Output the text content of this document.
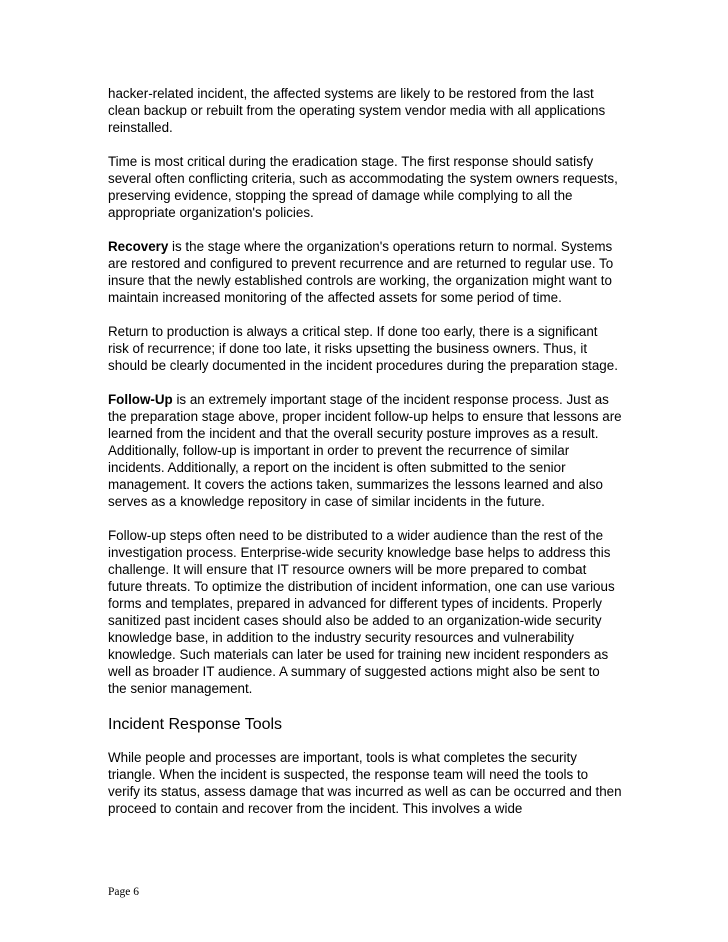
hacker-related incident, the affected systems are likely to be restored from the last clean backup or rebuilt from the operating system vendor media with all applications reinstalled.

Time is most critical during the eradication stage. The first response should satisfy several often conflicting criteria, such as accommodating the system owners requests, preserving evidence, stopping the spread of damage while complying to all the appropriate organization's policies.

Recovery is the stage where the organization's operations return to normal. Systems are restored and configured to prevent recurrence and are returned to regular use. To insure that the newly established controls are working, the organization might want to maintain increased monitoring of the affected assets for some period of time.

Return to production is always a critical step. If done too early, there is a significant risk of recurrence; if done too late, it risks upsetting the business owners. Thus, it should be clearly documented in the incident procedures during the preparation stage.

Follow-Up is an extremely important stage of the incident response process. Just as the preparation stage above, proper incident follow-up helps to ensure that lessons are learned from the incident and that the overall security posture improves as a result. Additionally, follow-up is important in order to prevent the recurrence of similar incidents. Additionally, a report on the incident is often submitted to the senior management. It covers the actions taken, summarizes the lessons learned and also serves as a knowledge repository in case of similar incidents in the future.

Follow-up steps often need to be distributed to a wider audience than the rest of the investigation process. Enterprise-wide security knowledge base helps to address this challenge. It will ensure that IT resource owners will be more prepared to combat future threats. To optimize the distribution of incident information, one can use various forms and templates, prepared in advanced for different types of incidents. Properly sanitized past incident cases should also be added to an organization-wide security knowledge base, in addition to the industry security resources and vulnerability knowledge. Such materials can later be used for training new incident responders as well as broader IT audience. A summary of suggested actions might also be sent to the senior management.

Incident Response Tools

While people and processes are important, tools is what completes the security triangle. When the incident is suspected, the response team will need the tools to verify its status, assess damage that was incurred as well as can be occurred and then proceed to contain and recover from the incident. This involves a wide

Page 6
